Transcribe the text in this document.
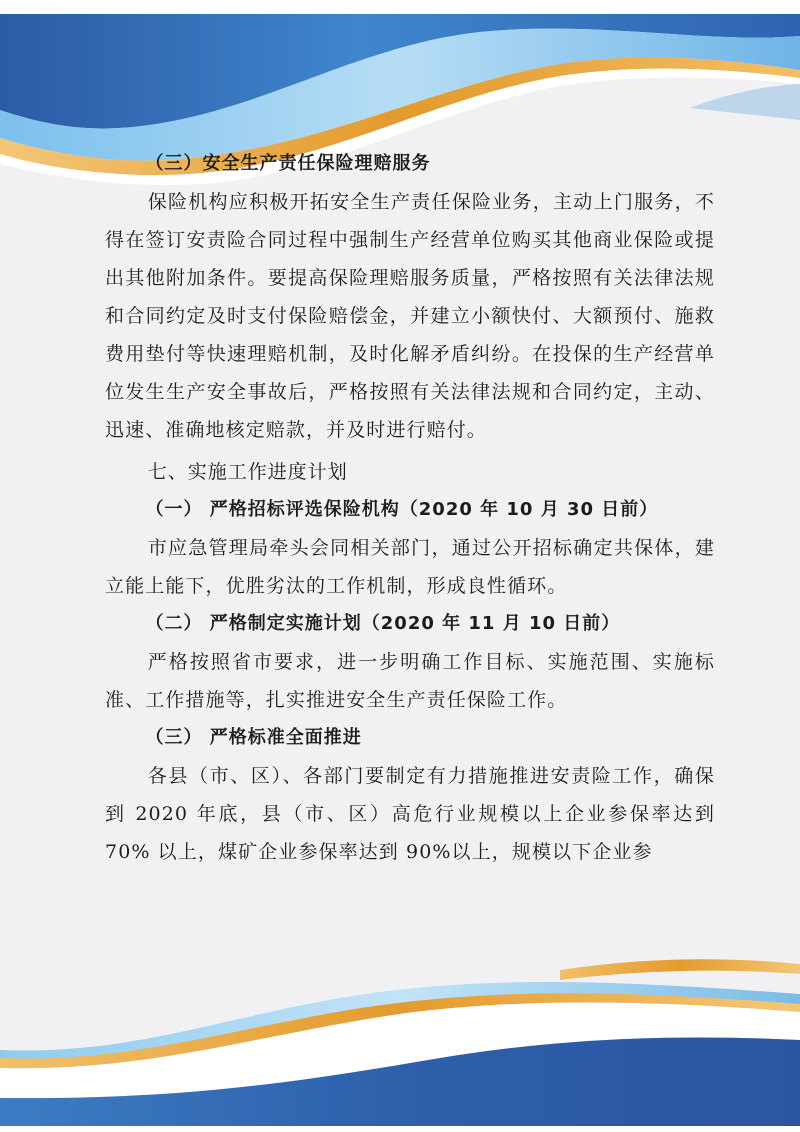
（三）安全生产责任保险理赔服务

保险机构应积极开拓安全生产责任保险业务，主动上门服务，不得在签订安责险合同过程中强制生产经营单位购买其他商业保险或提出其他附加条件。要提高保险理赔服务质量，严格按照有关法律法规和合同约定及时支付保险赔偿金，并建立小额快付、大额预付、施救费用垫付等快速理赔机制，及时化解矛盾纠纷。在投保的生产经营单位发生生产安全事故后，严格按照有关法律法规和合同约定，主动、迅速、准确地核定赔款，并及时进行赔付。

七、实施工作进度计划

（一） 严格招标评选保险机构（2020 年 10 月 30 日前）

市应急管理局牵头会同相关部门，通过公开招标确定共保体，建立能上能下，优胜劣汰的工作机制，形成良性循环。

（二） 严格制定实施计划（2020 年 11 月 10 日前）

严格按照省市要求，进一步明确工作目标、实施范围、实施标准、工作措施等，扎实推进安全生产责任保险工作。

（三） 严格标准全面推进

各县（市、区）、各部门要制定有力措施推进安责险工作，确保到 2020 年底，县（市、区）高危行业规模以上企业参保率达到 70% 以上，煤矿企业参保率达到 90%以上，规模以下企业参
